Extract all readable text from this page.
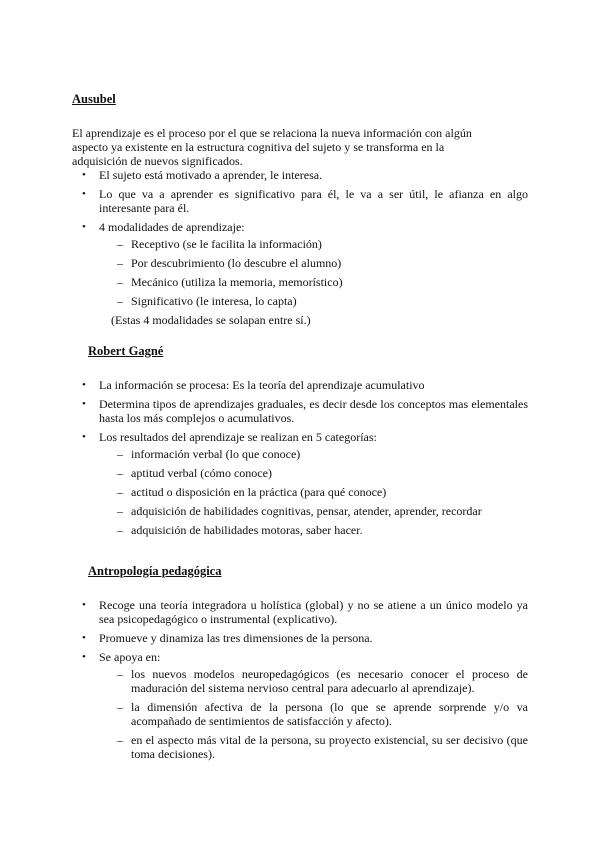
Ausubel

El aprendizaje es el proceso por el que se relaciona la nueva información con algún

aspecto ya existente en la estructura cognitiva del sujeto y se transforma en la

adquisición de nuevos significados.

• El sujeto está motivado a aprender, le interesa.
• Lo que va a aprender es significativo para él, le va a ser útil, le afianza en algo interesante para él.
• 4 modalidades de aprendizaje:
– Receptivo (se le facilita la información)
– Por descubrimiento (lo descubre el alumno)
– Mecánico (utiliza la memoria, memorístico)
– Significativo (le interesa, lo capta)

(Estas 4 modalidades se solapan entre sí.)

Robert Gagné
• La información se procesa: Es la teoría del aprendizaje acumulativo
• Determina tipos de aprendizajes graduales, es decir desde los conceptos mas elementales hasta los más complejos o acumulativos.
• Los resultados del aprendizaje se realizan en 5 categorías:
– información verbal (lo que conoce)
– aptitud verbal (cómo conoce)
– actitud o disposición en la práctica (para qué conoce)
– adquisición de habilidades cognitivas, pensar, atender, aprender, recordar
– adquisición de habilidades motoras, saber hacer.
Antropología pedagógica
• Recoge una teoría integradora u holística (global) y no se atiene a un único modelo ya sea psicopedagógico o instrumental (explicativo).
• Promueve y dinamiza las tres dimensiones de la persona.
• Se apoya en:
– los nuevos modelos neuropedagógicos (es necesario conocer el proceso de maduración del sistema nervioso central para adecuarlo al aprendizaje).
– la dimensión afectiva de la persona (lo que se aprende sorprende y/o va acompañado de sentimientos de satisfacción y afecto).
– en el aspecto más vital de la persona, su proyecto existencial, su ser decisivo (que toma decisiones).
